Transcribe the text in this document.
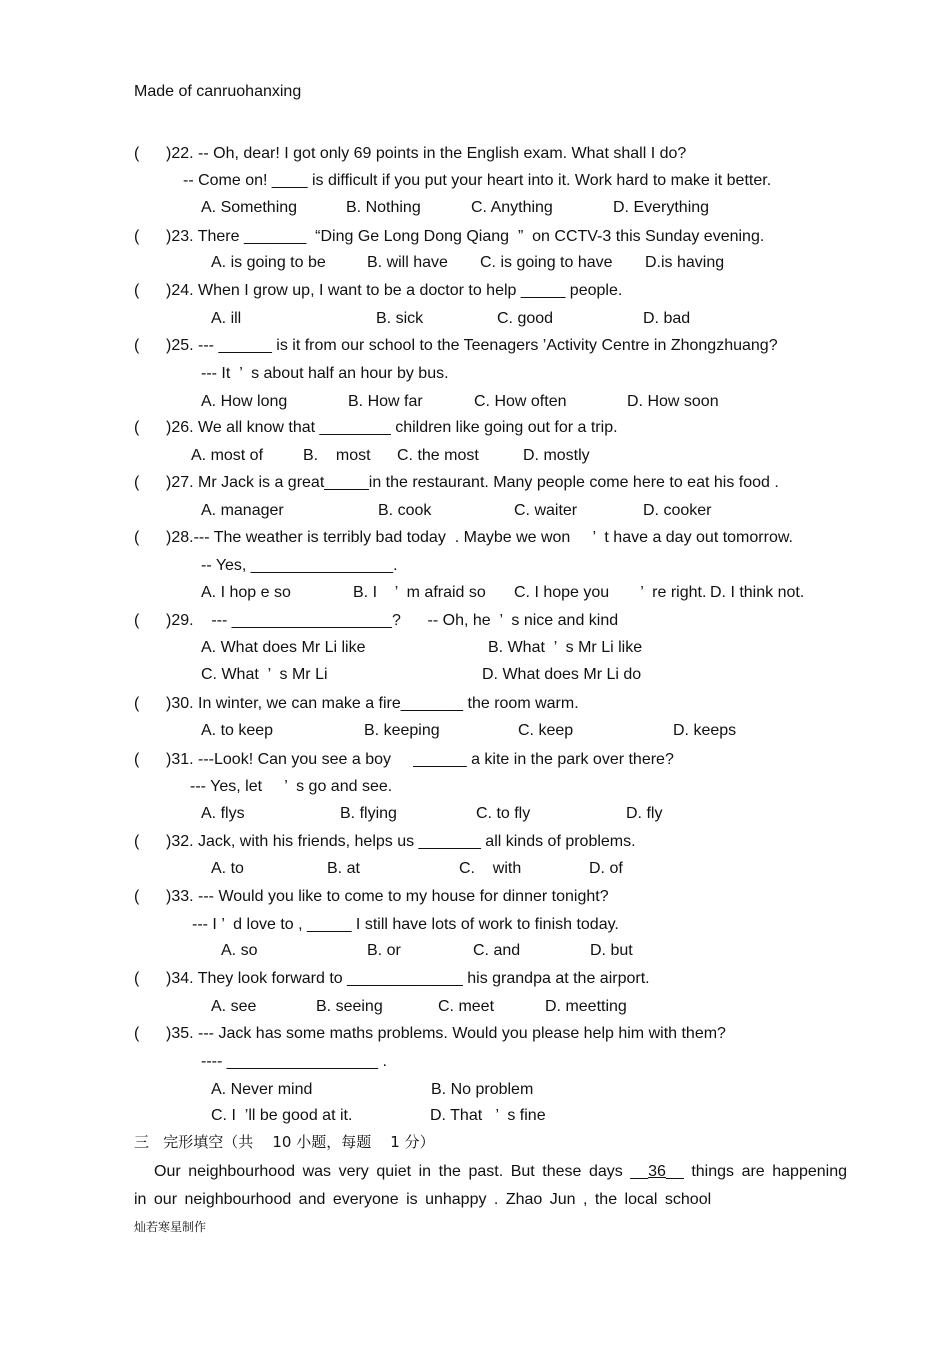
Made of canruohanxing
(      )22. -- Oh, dear! I got only 69 points in the English exam. What shall I do?
-- Come on! ____ is difficult if you put your heart into it. Work hard to make it better.
A. Something	B. Nothing	C. Anything	D. Everything
(      )23. There _______  “Ding Ge Long Dong Qiang  ”  on CCTV-3 this Sunday evening.
A. is going to be	B. will have C. is going to have D.is having
(      )24. When I grow up, I want to be a doctor to help _____ people.
A. ill	B. sick	C. good	D. bad
(      )25. --- ______ is it from our school to the Teenagers ’Activity Centre in Zhongzhuang?
--- It  ’  s about half an hour by bus.
A. How long	B. How far	C. How often	D. How soon
(      )26. We all know that ________ children like going out for a trip.
A. most of B.    most C. the most	D. mostly
(      )27. Mr Jack is a great_____in the restaurant. Many people come here to eat his food .
A. manager	B. cook	C. waiter	D. cooker
(      )28.--- The weather is terribly bad today  . Maybe we won     ’  t have a day out tomorrow.
-- Yes, ________________.
A. I hop e so	B. I    ’  m afraid so C. I hope you       ’  re right. D. I think not.
(      )29.    --- __________________?      -- Oh, he  ’  s nice and kind
A. What does Mr Li like	B. What  ’  s Mr Li like
C. What  ’  s Mr Li	D. What does Mr Li do
(      )30. In winter, we can make a fire_______ the room warm.
A. to keep	B. keeping	C. keep	D. keeps
(      )31. ---Look! Can you see a boy     ______ a kite in the park over there?
--- Yes, let     ’  s go and see.
A. flys	B. flying	C. to fly	D. fly
(      )32. Jack, with his friends, helps us _______ all kinds of problems.
A. to	B. at	C.    with	D. of
(      )33. --- Would you like to come to my house for dinner tonight?
--- I ’  d love to , _____ I still have lots of work to finish today.
A. so	B. or	C. and	D. but
(      )34. They look forward to _____________ his grandpa at the airport.
A. see	B. seeing	C. meet	D. meetting
(      )35. --- Jack has some maths problems. Would you please help him with them?
---- _________________ .
A. Never mind	B. No problem
C. I  ’ll be good at it.	D. That   ’  s fine
三   完形填空（共    10 小题，每题    1 分）
Our neighbourhood was very quiet in the past. But these days __36__ things are happening in our neighbourhood and everyone is unhappy . Zhao Jun , the local school
灿若寒星制作
